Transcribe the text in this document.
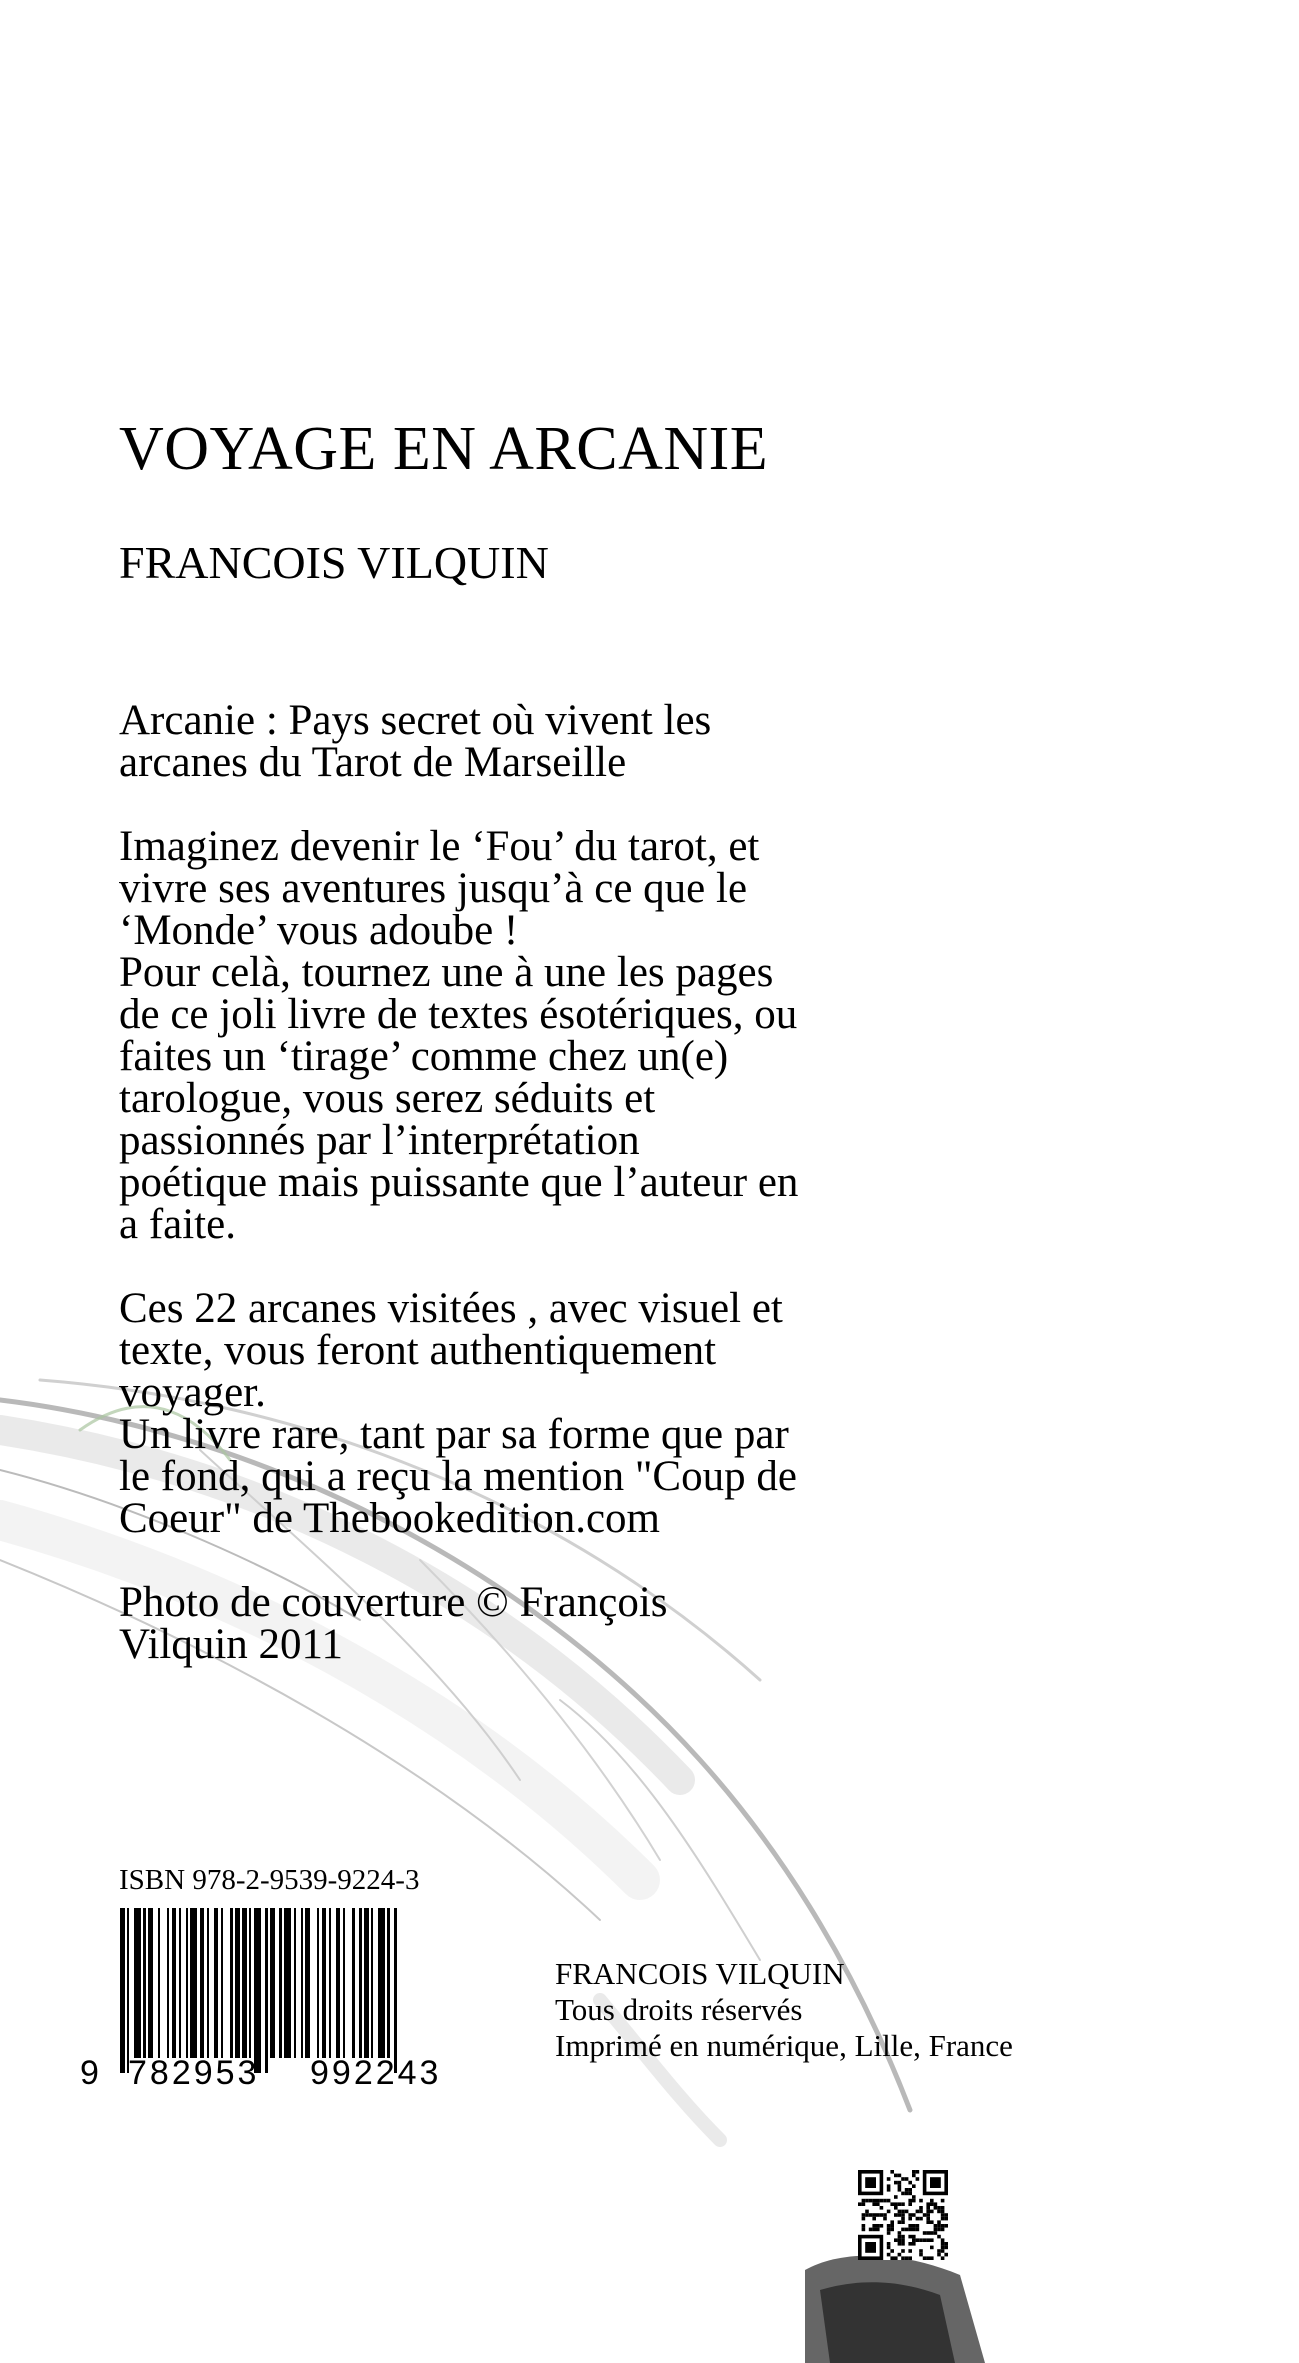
VOYAGE EN ARCANIE
FRANCOIS VILQUIN

Arcanie : Pays secret où vivent les
arcanes du Tarot de Marseille

Imaginez devenir le ‘Fou’ du tarot, et
vivre ses aventures jusqu’à ce que le
‘Monde’ vous adoube !
Pour celà, tournez une à une les pages
de ce joli livre de textes ésotériques, ou
faites un ‘tirage’ comme chez un(e)
tarologue, vous serez séduits et
passionnés par l’interprétation
poétique mais puissante que l’auteur en
a faite.

Ces 22 arcanes visitées , avec visuel et
texte, vous feront authentiquement
voyager.
Un livre rare, tant par sa forme que par
le fond, qui a reçu la mention "Coup de
Coeur" de Thebookedition.com

Photo de couverture © François
Vilquin 2011

ISBN 978-2-9539-9224-3
9 782953 992243
FRANCOIS VILQUIN
Tous droits réservés
Imprimé en numérique, Lille, France
